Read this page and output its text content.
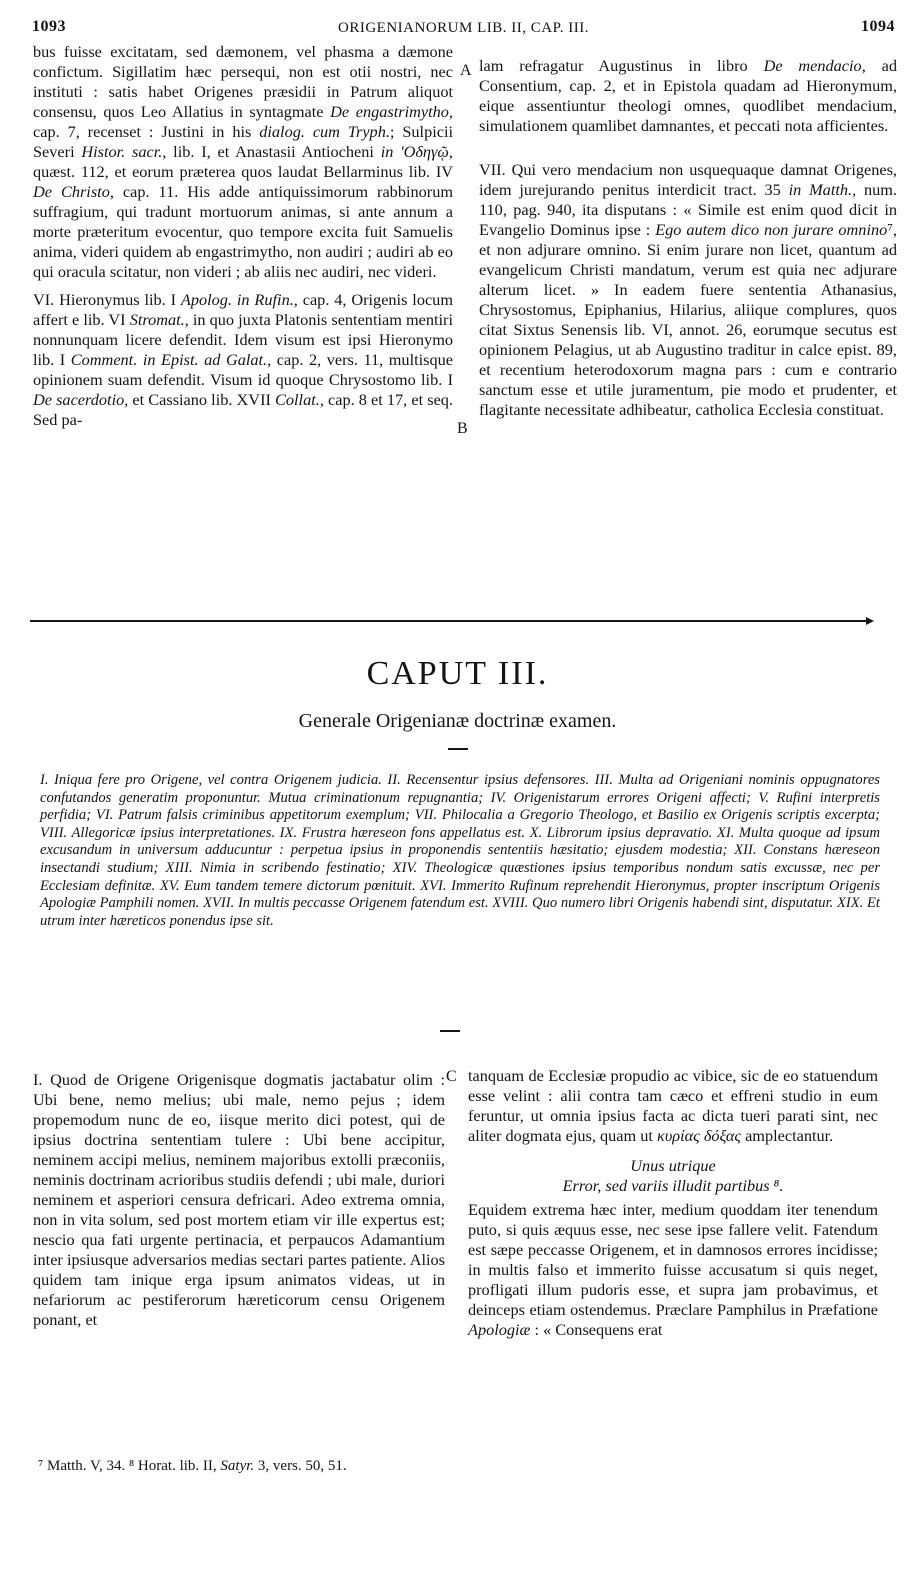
1093	ORIGENIANORUM LIB. II, CAP. III.	1094

bus fuisse excitatam, sed dæmonem, vel phasma a dæmone confictum. Sigillatim hæc persequi, non est otii nostri, nec instituti : satis habet Origenes præsidii in Patrum aliquot consensu, quos Leo Allatius in syntagmate De engastrimytho, cap. 7, recenset : Justini in his dialog. cum Tryph.; Sulpicii Severi Histor. sacr., lib. I, et Anastasii Antiocheni in 'Οδηγῷ, quæst. 112, et eorum præterea quos laudat Bellarminus lib. IV De Christo, cap. 11. His adde antiquissimorum rabbinorum suffragium, qui tradunt mortuorum animas, si ante annum a morte præteritum evocentur, quo tempore excita fuit Samuelis anima, videri quidem ab engastrimytho, non audiri ; audiri ab eo qui oracula scitatur, non videri ; ab aliis nec audiri, nec videri.

VI. Hieronymus lib. I Apolog. in Rufin., cap. 4, Origenis locum affert e lib. VI Stromat., in quo juxta Platonis sententiam mentiri nonnunquam licere defendit. Idem visum est ipsi Hieronymo lib. I Comment. in Epist. ad Galat., cap. 2, vers. 11, multisque opinionem suam defendit. Visum id quoque Chrysostomo lib. I De sacerdotio, et Cassiano lib. XVII Collat., cap. 8 et 17, et seq. Sed pa-

A
B

lam refragatur Augustinus in libro De mendacio, ad Consentium, cap. 2, et in Epistola quadam ad Hieronymum, eique assentiuntur theologi omnes, quodlibet mendacium, simulationem quamlibet damnantes, et peccati nota afficientes.

VII. Qui vero mendacium non usquequaque damnat Origenes, idem jurejurando penitus interdicit tract. 35 in Matth., num. 110, pag. 940, ita disputans : « Simile est enim quod dicit in Evangelio Dominus ipse : Ego autem dico non jurare omnino⁷, et non adjurare omnino. Si enim jurare non licet, quantum ad evangelicum Christi mandatum, verum est quia nec adjurare alterum licet. » In eadem fuere sententia Athanasius, Chrysostomus, Epiphanius, Hilarius, aliique complures, quos citat Sixtus Senensis lib. VI, annot. 26, eorumque secutus est opinionem Pelagius, ut ab Augustino traditur in calce epist. 89, et recentium heterodoxorum magna pars : cum e contrario sanctum esse et utile juramentum, pie modo et prudenter, et flagitante necessitate adhibeatur, catholica Ecclesia constituat.

CAPUT III.
Generale Origenianæ doctrinæ examen.
I. Iniqua fere pro Origene, vel contra Origenem judicia. II. Recensentur ipsius defensores. III. Multa ad Origeniani nominis oppugnatores confutandos generatim proponuntur. Mutua criminationum repugnantia; IV. Origenistarum errores Origeni affecti; V. Rufini interpretis perfidia; VI. Patrum falsis criminibus appetitorum exemplum; VII. Philocalia a Gregorio Theologo, et Basilio ex Origenis scriptis excerpta; VIII. Allegoricæ ipsius interpretationes. IX. Frustra hæreseon fons appellatus est. X. Librorum ipsius depravatio. XI. Multa quoque ad ipsum excusandum in universum adducuntur : perpetua ipsius in proponendis sententiis hæsitatio; ejusdem modestia; XII. Constans hæreseon insectandi studium; XIII. Nimia in scribendo festinatio; XIV. Theologicæ quæstiones ipsius temporibus nondum satis excussæ, nec per Ecclesiam definitæ. XV. Eum tandem temere dictorum pœnituit. XVI. Immerito Rufinum reprehendit Hieronymus, propter inscriptum Origenis Apologiæ Pamphili nomen. XVII. In multis peccasse Origenem fatendum est. XVIII. Quo numero libri Origenis habendi sint, disputatur. XIX. Et utrum inter hæreticos ponendus ipse sit.

I. Quod de Origene Origenisque dogmatis jactabatur olim : Ubi bene, nemo melius; ubi male, nemo pejus ; idem propemodum nunc de eo, iisque merito dici potest, qui de ipsius doctrina sententiam tulere : Ubi bene accipitur, neminem accipi melius, neminem majoribus extolli præconiis, neminis doctrinam acrioribus studiis defendi ; ubi male, duriori neminem et asperiori censura defricari. Adeo extrema omnia, non in vita solum, sed post mortem etiam vir ille expertus est; nescio qua fati urgente pertinacia, et perpaucos Adamantium inter ipsiusque adversarios medias sectari partes patiente. Alios quidem tam inique erga ipsum animatos videas, ut in nefariorum ac pestiferorum hæreticorum censu Origenem ponant, et

C tanquam de Ecclesiæ propudio ac vibice, sic de eo statuendum esse velint : alii contra tam cæco et effreni studio in eum feruntur, ut omnia ipsius facta ac dicta tueri parati sint, nec aliter dogmata ejus, quam ut κυρίας δόξας amplectantur.

Unus utrique
Error, sed variis illudit partibus ⁸.

Equidem extrema hæc inter, medium quoddam iter tenendum puto, si quis æquus esse, nec sese ipse fallere velit. Fatendum est sæpe peccasse Origenem, et in damnosos errores incidisse; in multis falso et immerito fuisse accusatum si quis neget, profligati illum pudoris esse, et supra jam probavimus, et deinceps etiam ostendemus. Præclare Pamphilus in Præfatione Apologiæ : « Consequens erat

⁷ Matth. V, 34. ⁸ Horat. lib. II, Satyr. 3, vers. 50, 51.
